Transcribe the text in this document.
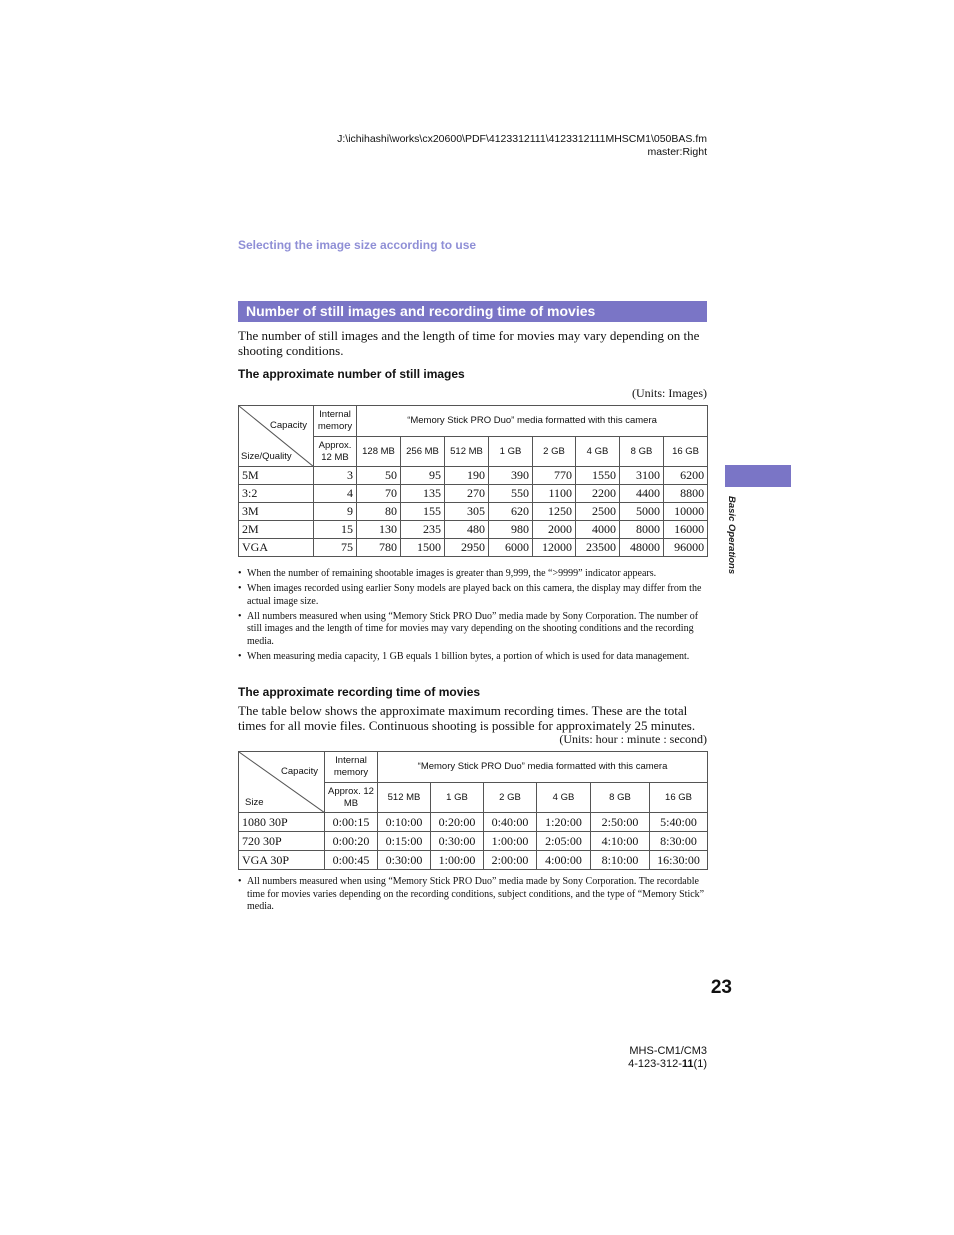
J:\ichihashi\works\cx20600\PDF\4123312111\4123312111MHSCM1\050BAS.fm
master:Right
Selecting the image size according to use
Number of still images and recording time of movies
The number of still images and the length of time for movies may vary depending on the shooting conditions.
The approximate number of still images
(Units: Images)
Capacity
Size/Quality	Internal memory	“Memory Stick PRO Duo” media formatted with this camera							
	Approx. 12 MB	128 MB	256 MB	512 MB	1 GB	2 GB	4 GB	8 GB	16 GB
5M	3	50	95	190	390	770	1550	3100	6200
3:2	4	70	135	270	550	1100	2200	4400	8800
3M	9	80	155	305	620	1250	2500	5000	10000
2M	15	130	235	480	980	2000	4000	8000	16000
VGA	75	780	1500	2950	6000	12000	23500	48000	96000
• When the number of remaining shootable images is greater than 9,999, the “>9999” indicator appears.
• When images recorded using earlier Sony models are played back on this camera, the display may differ from the actual image size.
• All numbers measured when using “Memory Stick PRO Duo” media made by Sony Corporation. The number of still images and the length of time for movies may vary depending on the shooting conditions and the recording media.
• When measuring media capacity, 1 GB equals 1 billion bytes, a portion of which is used for data management.
The approximate recording time of movies
The table below shows the approximate maximum recording times. These are the total times for all movie files. Continuous shooting is possible for approximately 25 minutes.
(Units: hour : minute : second)
Capacity
Size	Internal memory	“Memory Stick PRO Duo” media formatted with this camera					
	Approx. 12 MB	512 MB	1 GB	2 GB	4 GB	8 GB	16 GB
1080 30P	0:00:15	0:10:00	0:20:00	0:40:00	1:20:00	2:50:00	5:40:00
720 30P	0:00:20	0:15:00	0:30:00	1:00:00	2:05:00	4:10:00	8:30:00
VGA 30P	0:00:45	0:30:00	1:00:00	2:00:00	4:00:00	8:10:00	16:30:00
• All numbers measured when using “Memory Stick PRO Duo” media made by Sony Corporation. The recordable time for movies varies depending on the recording conditions, subject conditions, and the type of “Memory Stick” media.
Basic Operations
23
MHS-CM1/CM3
4-123-312-11(1)
